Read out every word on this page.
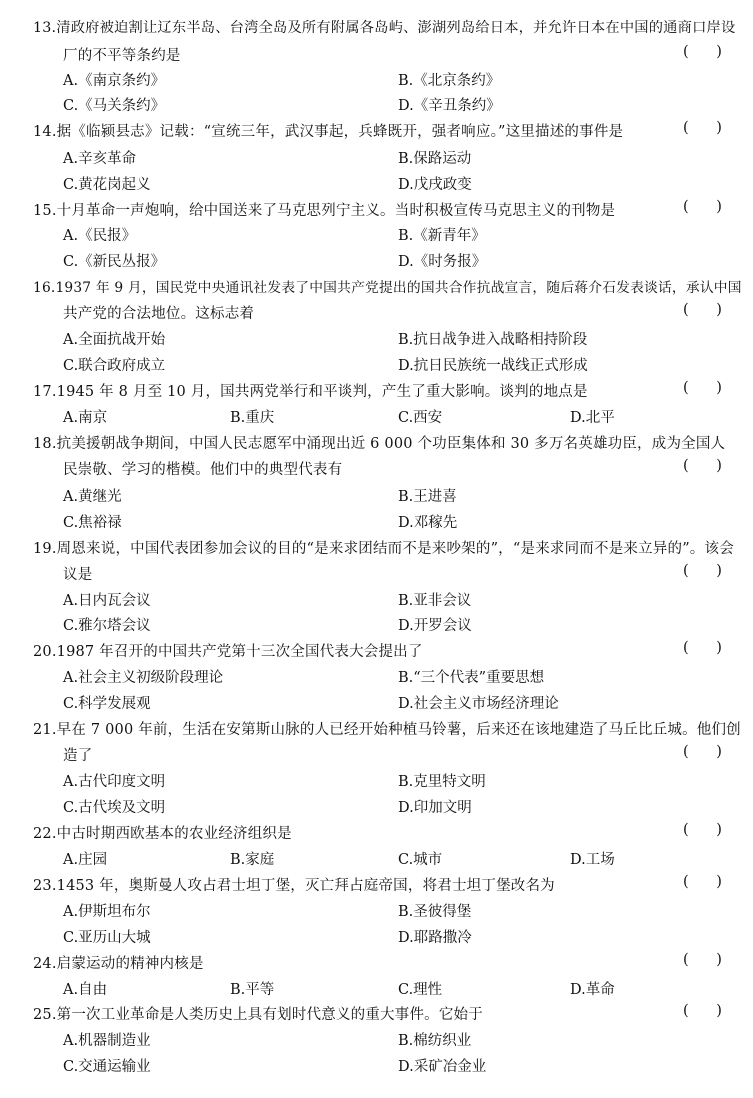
13.清政府被迫割让辽东半岛、台湾全岛及所有附属各岛屿、澎湖列岛给日本，并允许日本在中国的通商口岸设
厂的不平等条约是	(      )
A.《南京条约》	B.《北京条约》
C.《马关条约》	D.《辛丑条约》
14.据《临颍县志》记载：“宣统三年，武汉事起，兵蜂既开，强者响应。”这里描述的事件是	(      )
A.辛亥革命	B.保路运动
C.黄花岗起义	D.戊戌政变
15.十月革命一声炮响，给中国送来了马克思列宁主义。当时积极宣传马克思主义的刊物是	(      )
A.《民报》	B.《新青年》
C.《新民丛报》	D.《时务报》
16.1937 年 9 月，国民党中央通讯社发表了中国共产党提出的国共合作抗战宣言，随后蒋介石发表谈话，承认中国
共产党的合法地位。这标志着	(      )
A.全面抗战开始	B.抗日战争进入战略相持阶段
C.联合政府成立	D.抗日民族统一战线正式形成
17.1945 年 8 月至 10 月，国共两党举行和平谈判，产生了重大影响。谈判的地点是	(      )
A.南京	B.重庆	C.西安	D.北平
18.抗美援朝战争期间，中国人民志愿军中涌现出近 6 000 个功臣集体和 30 多万名英雄功臣，成为全国人
民崇敬、学习的楷模。他们中的典型代表有	(      )
A.黄继光	B.王进喜
C.焦裕禄	D.邓稼先
19.周恩来说，中国代表团参加会议的目的“是来求团结而不是来吵架的”，“是来求同而不是来立异的”。该会
议是	(      )
A.日内瓦会议	B.亚非会议
C.雅尔塔会议	D.开罗会议
20.1987 年召开的中国共产党第十三次全国代表大会提出了	(      )
A.社会主义初级阶段理论	B.“三个代表”重要思想
C.科学发展观	D.社会主义市场经济理论
21.早在 7 000 年前，生活在安第斯山脉的人已经开始种植马铃薯，后来还在该地建造了马丘比丘城。他们创
造了	(      )
A.古代印度文明	B.克里特文明
C.古代埃及文明	D.印加文明
22.中古时期西欧基本的农业经济组织是	(      )
A.庄园	B.家庭	C.城市	D.工场
23.1453 年，奥斯曼人攻占君士坦丁堡，灭亡拜占庭帝国，将君士坦丁堡改名为	(      )
A.伊斯坦布尔	B.圣彼得堡
C.亚历山大城	D.耶路撒冷
24.启蒙运动的精神内核是	(      )
A.自由	B.平等	C.理性	D.革命
25.第一次工业革命是人类历史上具有划时代意义的重大事件。它始于	(      )
A.机器制造业	B.棉纺织业
C.交通运输业	D.采矿冶金业
